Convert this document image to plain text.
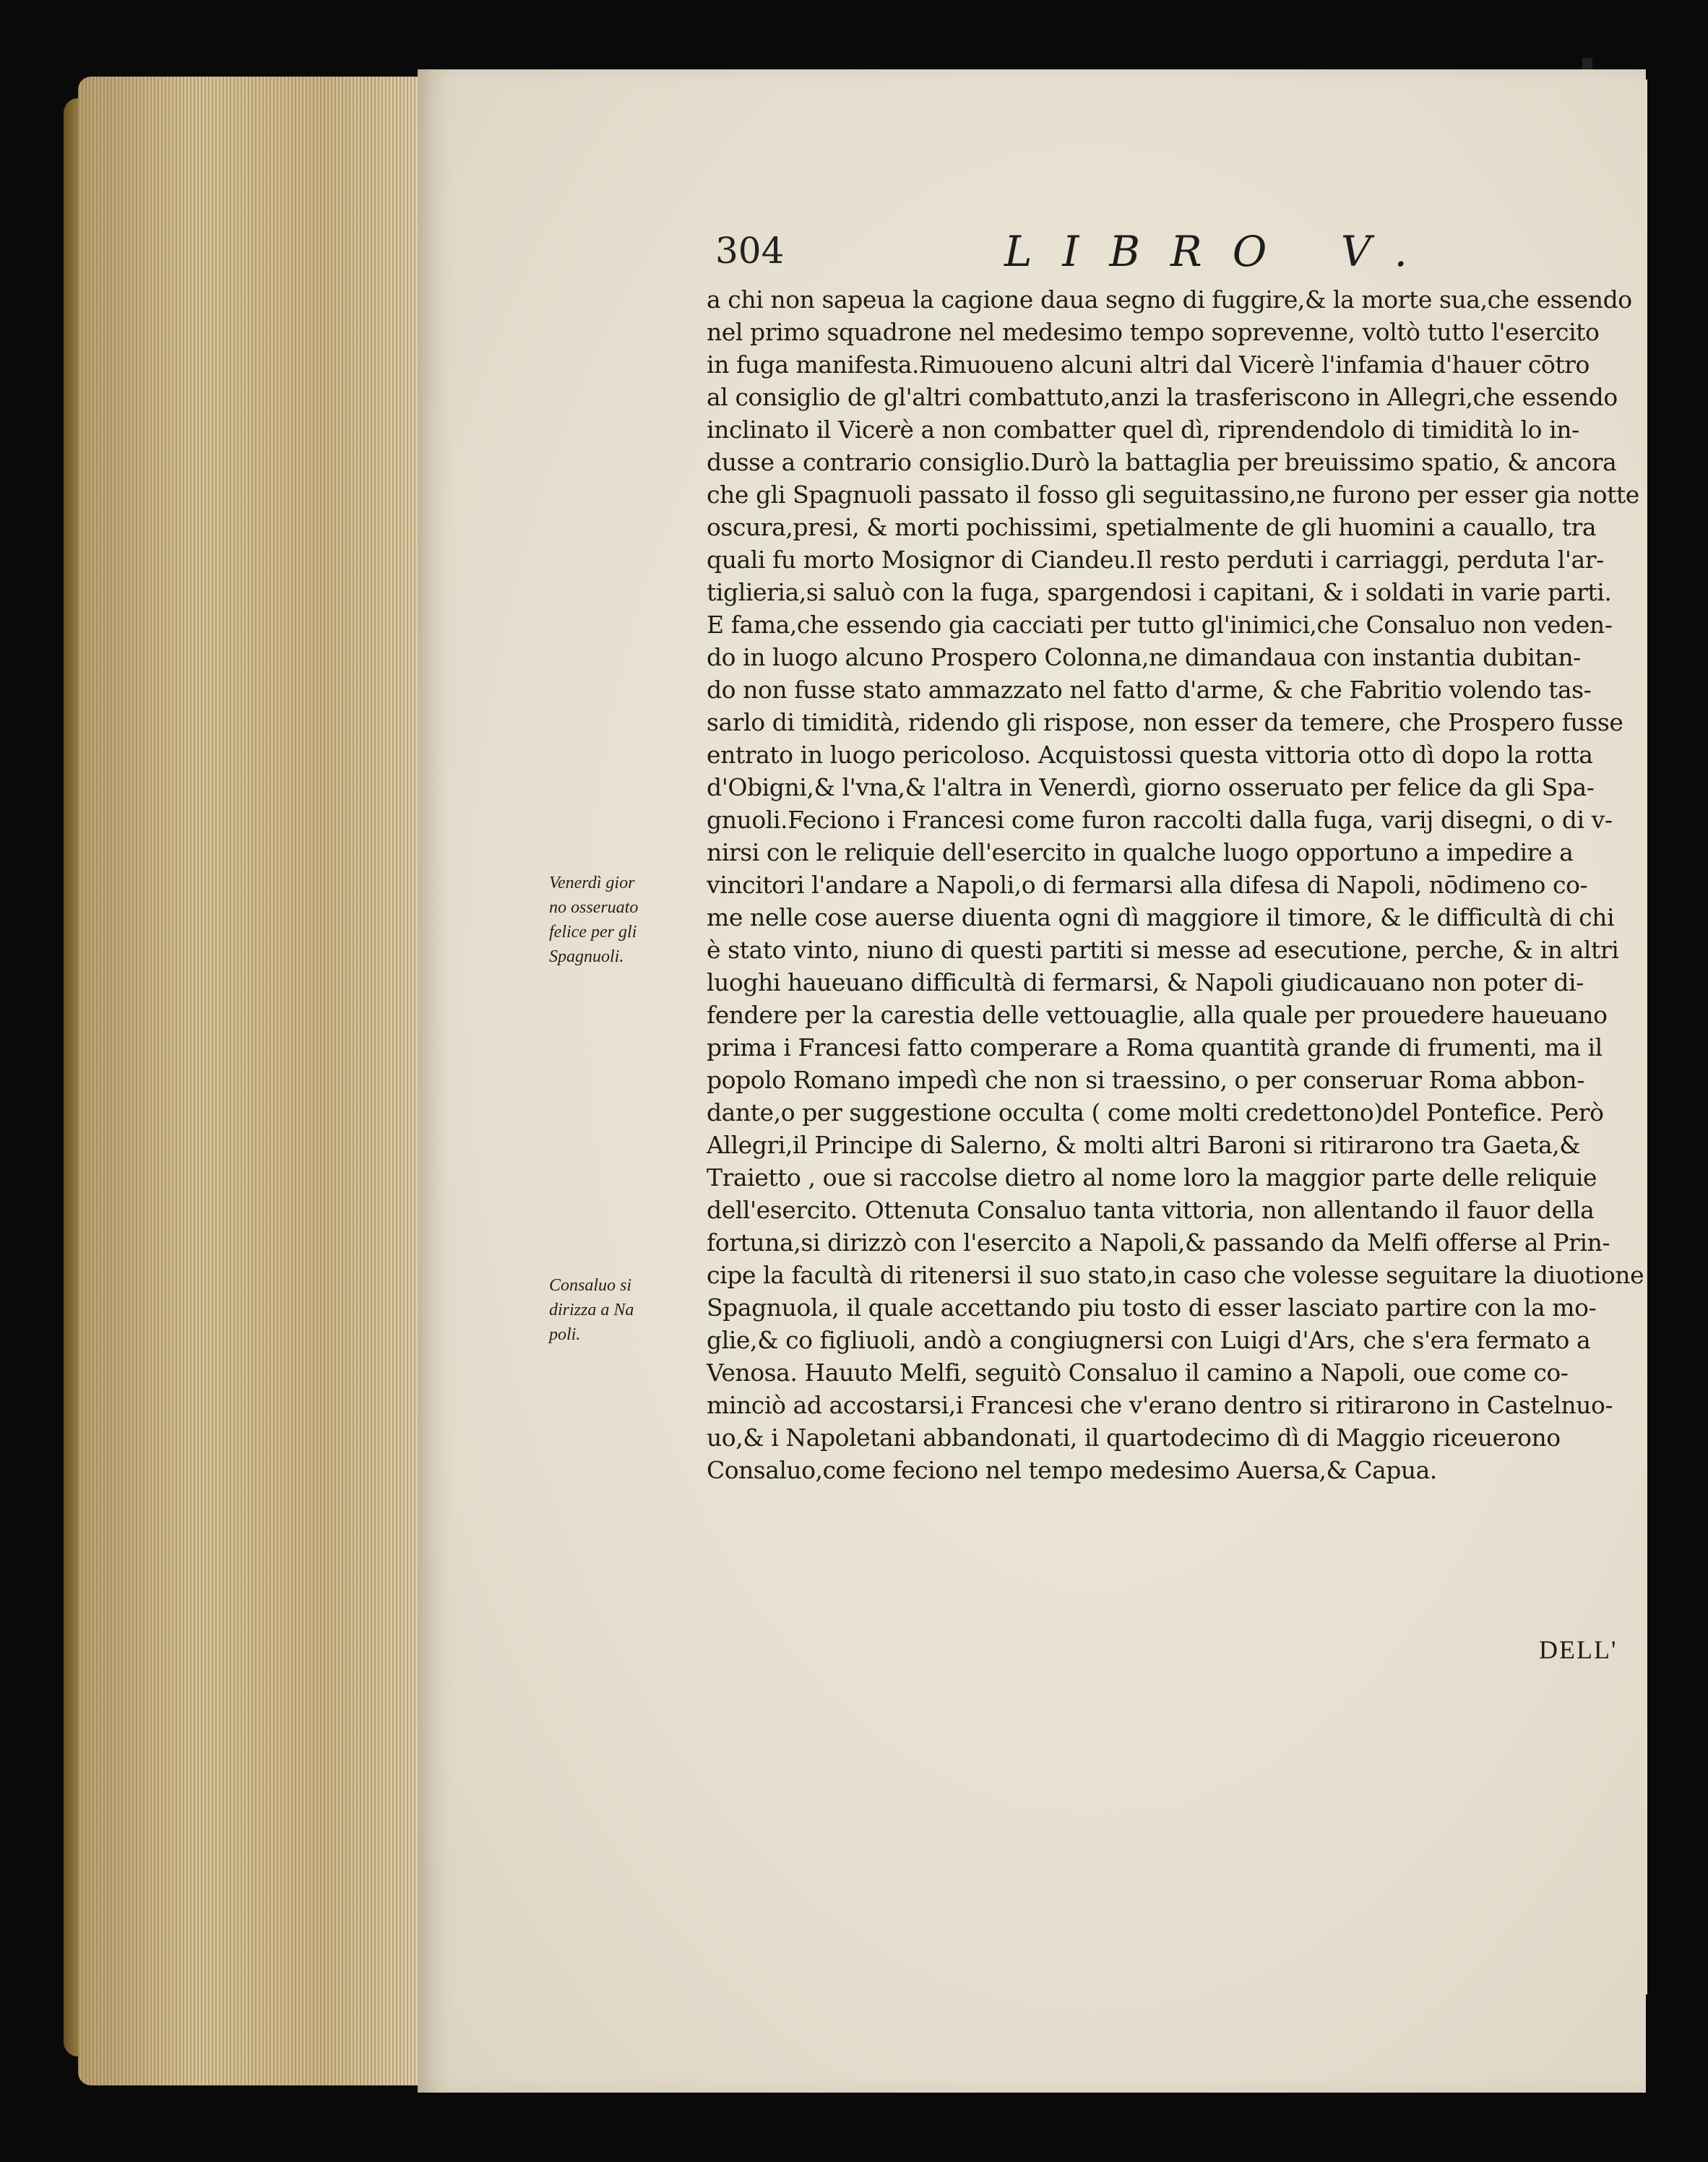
304	LIBRO V.
a chi non sapeua la cagione daua segno di fuggire,& la morte sua,che essendo
nel primo squadrone nel medesimo tempo soprevenne, voltò tutto l'esercito
in fuga manifesta.Rimuoueno alcuni altri dal Vicerè l'infamia d'hauer cōtro
al consiglio de gl'altri combattuto,anzi la trasferiscono in Allegri,che essendo
inclinato il Vicerè a non combatter quel dì, riprendendolo di timidità lo in-
dusse a contrario consiglio.Durò la battaglia per breuissimo spatio, & ancora
che gli Spagnuoli passato il fosso gli seguitassino,ne furono per esser gia notte
oscura,presi, & morti pochissimi, spetialmente de gli huomini a cauallo, tra
quali fu morto Mosignor di Ciandeu.Il resto perduti i carriaggi, perduta l'ar-
tiglieria,si saluò con la fuga, spargendosi i capitani, & i soldati in varie parti.
E fama,che essendo gia cacciati per tutto gl'inimici,che Consaluo non veden-
do in luogo alcuno Prospero Colonna,ne dimandaua con instantia dubitan-
do non fusse stato ammazzato nel fatto d'arme, & che Fabritio volendo tas-
sarlo di timidità, ridendo gli rispose, non esser da temere, che Prospero fusse
entrato in luogo pericoloso. Acquistossi questa vittoria otto dì dopo la rotta
d'Obigni,& l'vna,& l'altra in Venerdì, giorno osseruato per felice da gli Spa-
gnuoli.Feciono i Francesi come furon raccolti dalla fuga, varij disegni, o di v-
nirsi con le reliquie dell'esercito in qualche luogo opportuno a impedire a
vincitori l'andare a Napoli,o di fermarsi alla difesa di Napoli, nōdimeno co-
me nelle cose auerse diuenta ogni dì maggiore il timore, & le difficultà di chi
è stato vinto, niuno di questi partiti si messe ad esecutione, perche, & in altri
luoghi haueuano difficultà di fermarsi, & Napoli giudicauano non poter di-
fendere per la carestia delle vettouaglie, alla quale per prouedere haueuano
prima i Francesi fatto comperare a Roma quantità grande di frumenti, ma il
popolo Romano impedì che non si traessino, o per conseruar Roma abbon-
dante,o per suggestione occulta ( come molti credettono)del Pontefice. Però
Allegri,il Principe di Salerno, & molti altri Baroni si ritirarono tra Gaeta,&
Traietto , oue si raccolse dietro al nome loro la maggior parte delle reliquie
dell'esercito. Ottenuta Consaluo tanta vittoria, non allentando il fauor della
fortuna,si dirizzò con l'esercito a Napoli,& passando da Melfi offerse al Prin-
cipe la facultà di ritenersi il suo stato,in caso che volesse seguitare la diuotione
Spagnuola, il quale accettando piu tosto di esser lasciato partire con la mo-
glie,& co figliuoli, andò a congiugnersi con Luigi d'Ars, che s'era fermato a
Venosa. Hauuto Melfi, seguitò Consaluo il camino a Napoli, oue come co-
minciò ad accostarsi,i Francesi che v'erano dentro si ritirarono in Castelnuo-
uo,& i Napoletani abbandonati, il quartodecimo dì di Maggio riceuerono
Consaluo,come feciono nel tempo medesimo Auersa,& Capua.
Venerdì gior
no osseruato
felice per gli
Spagnuoli.
Consaluo si
dirizza a Na
poli.
DELL'
